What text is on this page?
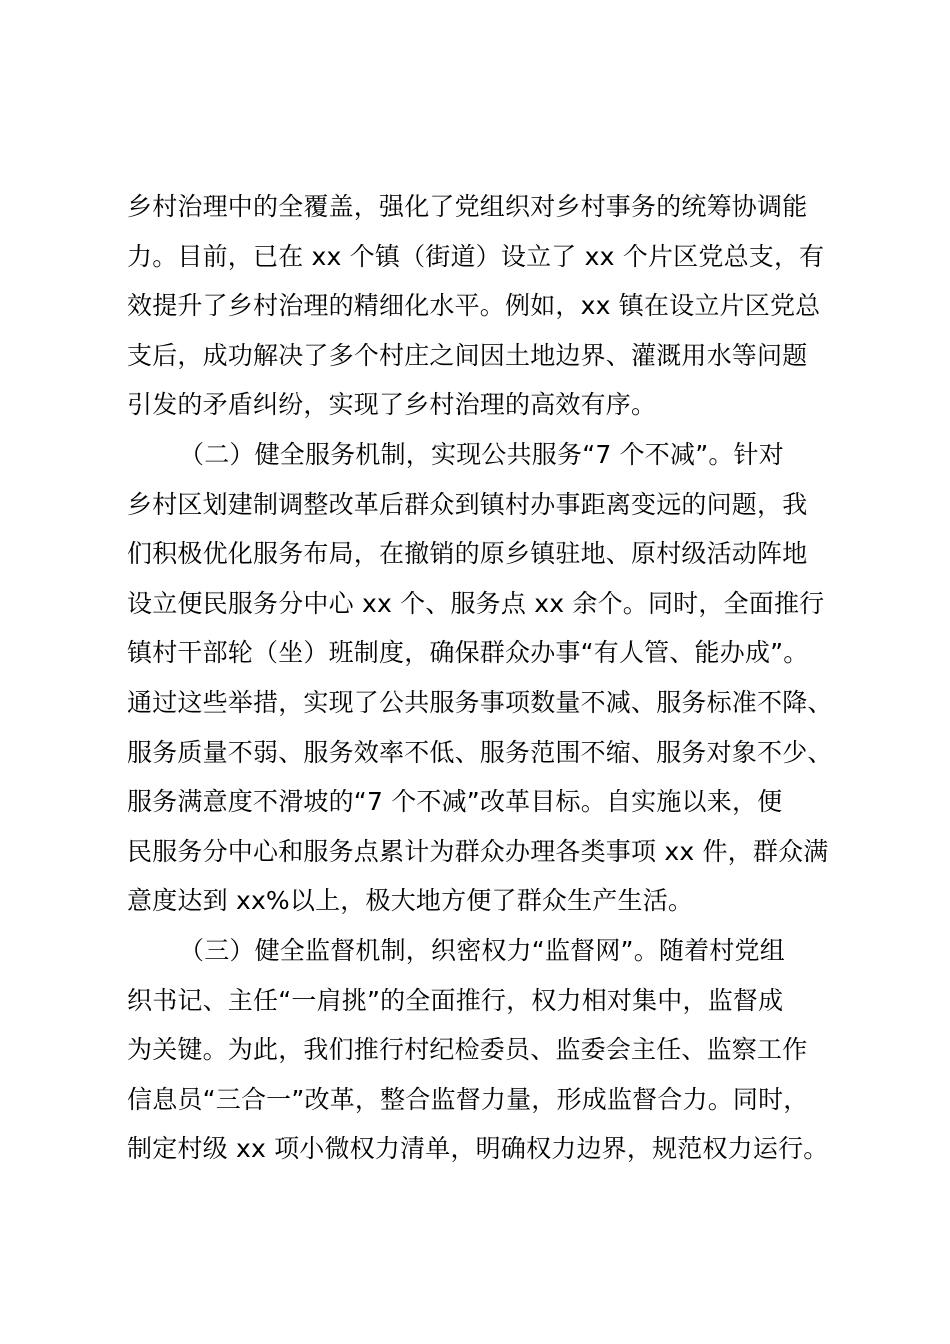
乡村治理中的全覆盖，强化了党组织对乡村事务的统筹协调能
力。目前，已在 xx 个镇（街道）设立了 xx 个片区党总支，有
效提升了乡村治理的精细化水平。例如，xx 镇在设立片区党总
支后，成功解决了多个村庄之间因土地边界、灌溉用水等问题
引发的矛盾纠纷，实现了乡村治理的高效有序。
（二）健全服务机制，实现公共服务“7 个不减”。针对
乡村区划建制调整改革后群众到镇村办事距离变远的问题，我
们积极优化服务布局，在撤销的原乡镇驻地、原村级活动阵地
设立便民服务分中心 xx 个、服务点 xx 余个。同时，全面推行
镇村干部轮（坐）班制度，确保群众办事“有人管、能办成”。
通过这些举措，实现了公共服务事项数量不减、服务标准不降、
服务质量不弱、服务效率不低、服务范围不缩、服务对象不少、
服务满意度不滑坡的“7 个不减”改革目标。自实施以来，便
民服务分中心和服务点累计为群众办理各类事项 xx 件，群众满
意度达到 xx%以上，极大地方便了群众生产生活。
（三）健全监督机制，织密权力“监督网”。随着村党组
织书记、主任“一肩挑”的全面推行，权力相对集中，监督成
为关键。为此，我们推行村纪检委员、监委会主任、监察工作
信息员“三合一”改革，整合监督力量，形成监督合力。同时，
制定村级 xx 项小微权力清单，明确权力边界，规范权力运行。
